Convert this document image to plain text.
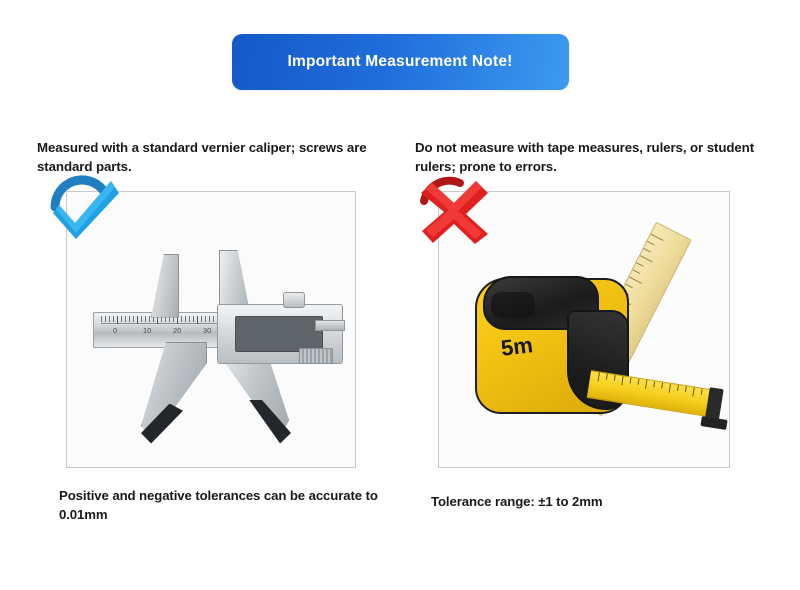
Important Measurement Note!

Measured with a standard vernier caliper; screws are standard parts.

0	10	20	30

Positive and negative tolerances can be accurate to 0.01mm

Do not measure with tape measures, rulers, or student rulers; prone to errors.

5m

Tolerance range: ±1 to 2mm
